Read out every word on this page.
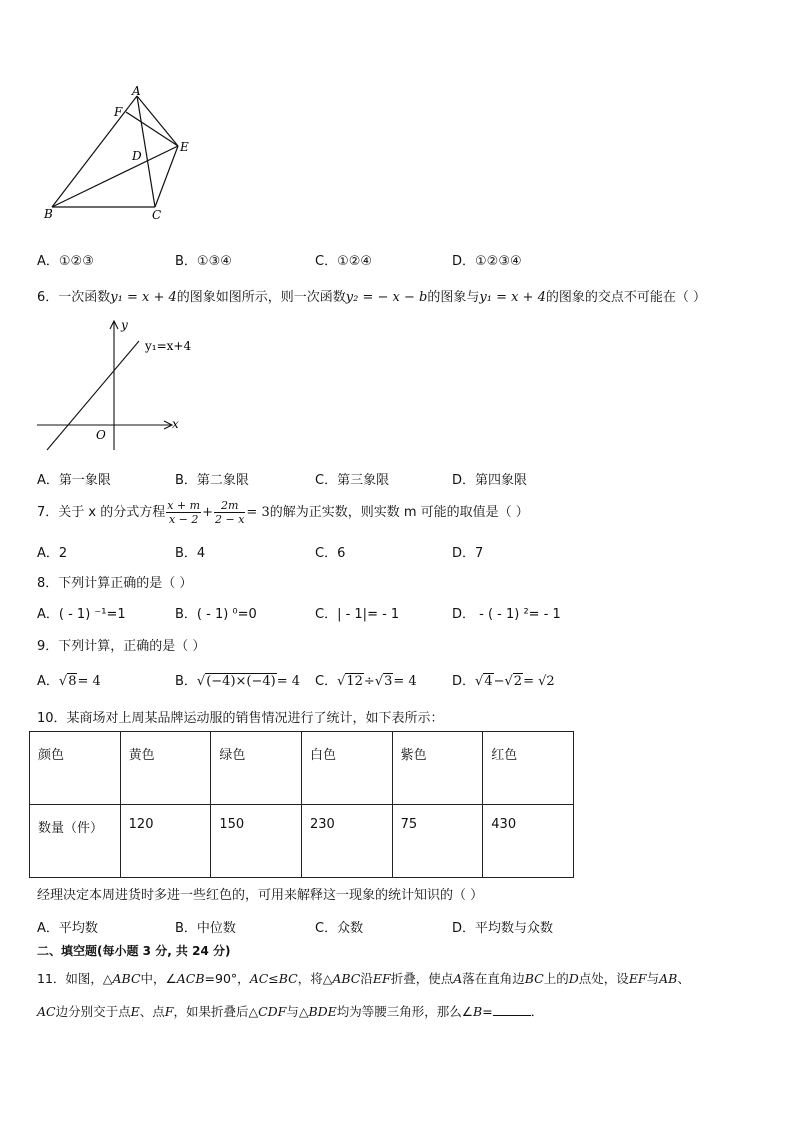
A
F
D
E
B	C
A．①②③	B．①③④	C．①②④	D．①②③④
6．一次函数y₁ = x + 4的图象如图所示，则一次函数y₂ = − x − b的图象与y₁ = x + 4的图象的交点不可能在（ ）
y
x
O
y₁=x+4
A．第一象限	B．第二象限	C．第三象限	D．第四象限
7．关于 x 的分式方程 $\frac{x + m}{x - 2} + \frac{2m}{2 - x} = 3$的解为正实数，则实数 m 可能的取值是（ ）
A．2	B．4	C．6	D．7
8．下列计算正确的是（ ）
A．( - 1) ⁻¹=1	B．( - 1) ⁰=0	C．| - 1|= - 1	D． - ( - 1) ²= - 1
9．下列计算，正确的是（ ）
A．√8= 4	B．√(−4)×(−4)= 4 C．√12÷√3= 4	D．√4−√2= √2
10．某商场对上周某品牌运动服的销售情况进行了统计，如下表所示：
颜色	黄色	绿色	白色	紫色	红色
数量（件）	120	150	230	75	430
经理决定本周进货时多进一些红色的，可用来解释这一现象的统计知识的（ ）
A．平均数	B．中位数	C．众数	D．平均数与众数
二、填空题(每小题 3 分, 共 24 分)
11．如图，△ABC中，∠ACB=90°，AC≤BC，将△ABC沿EF折叠，使点A落在直角边BC上的D点处，设EF与AB、
AC边分别交于点E、点F，如果折叠后△CDF与△BDE均为等腰三角形，那么∠B=	．
